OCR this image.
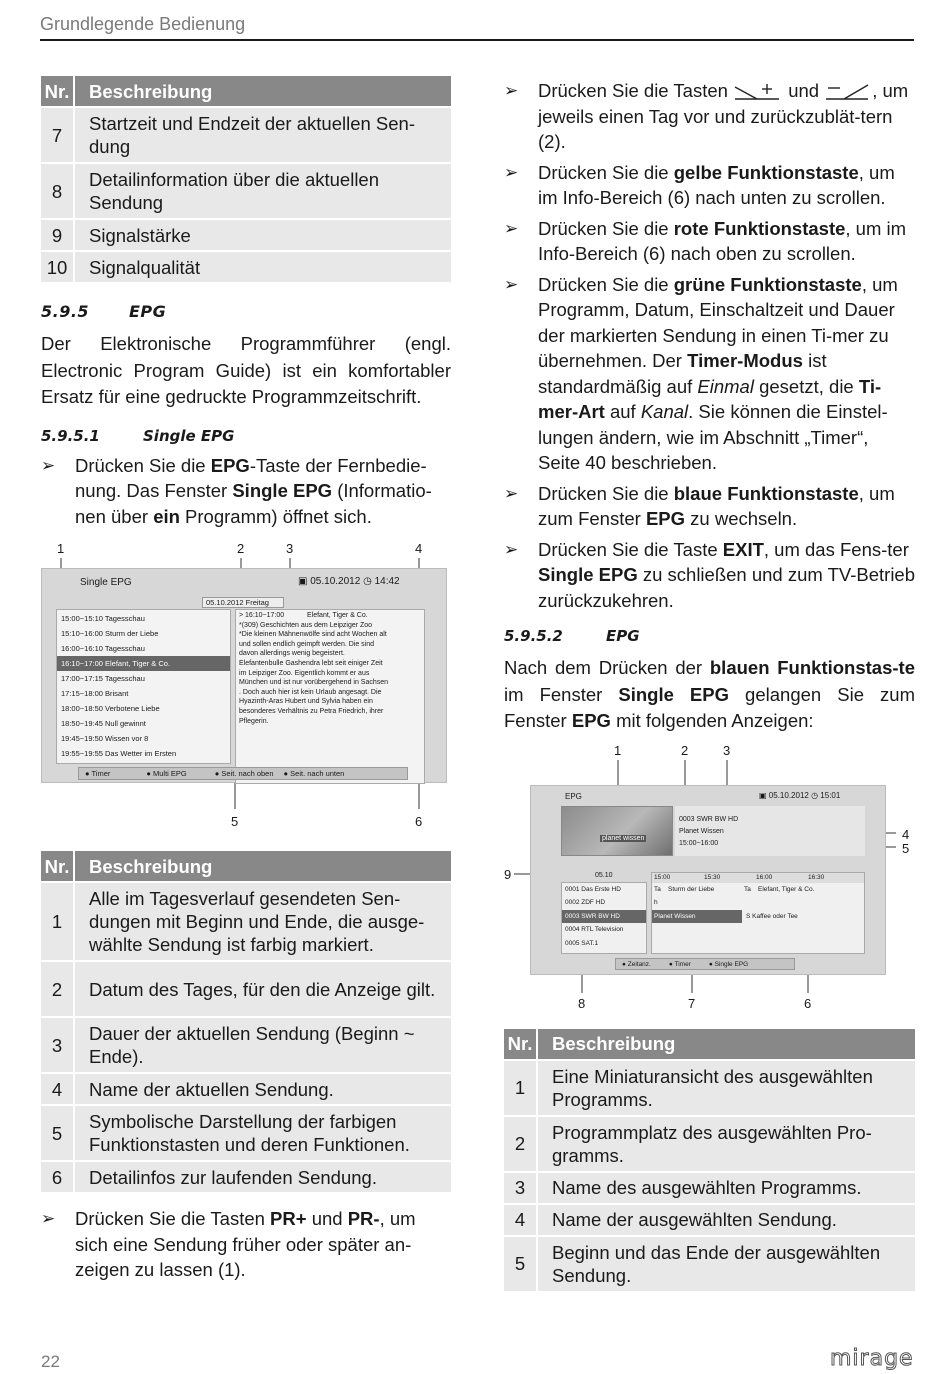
Grundlegende Bedienung
Nr.	Beschreibung
7	Startzeit und Endzeit der aktuellen Sen-dung
8	Detailinformation über die aktuellen Sendung
9	Signalstärke
10	Signalqualität
5.9.5 EPG

Der Elektronische Programmführer (engl. Electronic Program Guide) ist ein komfortabler Ersatz für eine gedruckte Programmzeitschrift.

5.9.5.1	Single EPG
➢ Drücken Sie die EPG-Taste der Fernbedie-nung. Das Fenster Single EPG (Informatio-nen über ein Programm) öffnet sich.
1	2	3	4
5	6
Single EPG	▣ 05.10.2012 ◷ 14:42
05.10.2012 Freitag
15:00~15:10 Tagesschau
15:10~16:00 Sturm der Liebe
16:00~16:10 Tagesschau
16:10~17:00 Elefant, Tiger & Co.
17:00~17:15 Tagesschau
17:15~18:00 Brisant
18:00~18:50 Verbotene Liebe
18:50~19:45 Null gewinnt
19:45~19:50 Wissen vor 8
19:55~19:55 Das Wetter im Ersten
> 16:10~17:00	Elefant, Tiger & Co.
*(309) Geschichten aus dem Leipziger Zoo
*Die kleinen Mähnenwölfe sind acht Wochen alt
und sollen endlich geimpft werden. Die sind
davon allerdings wenig begeistert.
Elefantenbulle Gashendra lebt seit einiger Zeit
im Leipziger Zoo. Eigentlich kommt er aus
München und ist nur vorübergehend in Sachsen
. Doch auch hier ist kein Urlaub angesagt. Die
Hyazinth-Aras Hubert und Sylvia haben ein
besonderes Verhältnis zu Petra Friedrich, ihrer
Pflegerin.
● Timer	● Multi EPG	● Seit. nach oben ● Seit. nach unten
Nr.	Beschreibung
1	Alle im Tagesverlauf gesendeten Sen-dungen mit Beginn und Ende, die ausge-wählte Sendung ist farbig markiert.
2	Datum des Tages, für den die Anzeige gilt.
3	Dauer der aktuellen Sendung (Beginn ~ Ende).
4	Name der aktuellen Sendung.
5	Symbolische Darstellung der farbigen Funktionstasten und deren Funktionen.
6	Detailinfos zur laufenden Sendung.
➢ Drücken Sie die Tasten PR+ und PR-, um sich eine Sendung früher oder später an-zeigen zu lassen (1).
➢ Drücken Sie die Tasten	und	, um jeweils einen Tag vor und zurückzublät-tern (2).
➢ Drücken Sie die gelbe Funktionstaste, um im Info-Bereich (6) nach unten zu scrollen.
➢ Drücken Sie die rote Funktionstaste, um im Info-Bereich (6) nach oben zu scrollen.
➢ Drücken Sie die grüne Funktionstaste, um Programm, Datum, Einschaltzeit und Dauer der markierten Sendung in einen Ti-mer zu übernehmen. Der Timer-Modus ist standardmäßig auf Einmal gesetzt, die Ti-mer-Art auf Kanal. Sie können die Einstel-lungen ändern, wie im Abschnitt „Timer“, Seite 40 beschrieben.
➢ Drücken Sie die blaue Funktionstaste, um zum Fenster EPG zu wechseln.
➢ Drücken Sie die Taste EXIT, um das Fens-ter Single EPG zu schließen und zum TV-Betrieb zurückzukehren.
5.9.5.2	EPG

Nach dem Drücken der blauen Funktionstas-te im Fenster Single EPG gelangen Sie zum Fenster EPG mit folgenden Anzeigen:

1	2	3
4
5
9
8	7	6
EPG	▣ 05.10.2012 ◷ 15:01
planet wissen
0003 SWR BW HD
Planet Wissen
15:00~16:00
05.10
0001 Das Erste HD
0002 ZDF HD
0003 SWR BW HD
0004 RTL Television
0005 SAT.1
15:00	15:30	16:00	16:30
Ta	Sturm der Liebe	Ta	Elefant, Tiger & Co.
h
Planet Wissen	S Kaffee oder Tee
● Zeitanz.	● Timer	● Single EPG
Nr.	Beschreibung
1	Eine Miniaturansicht des ausgewählten Programms.
2	Programmplatz des ausgewählten Pro-gramms.
3	Name des ausgewählten Programms.
4	Name der ausgewählten Sendung.
5	Beginn und das Ende der ausgewählten Sendung.
22	mirage
